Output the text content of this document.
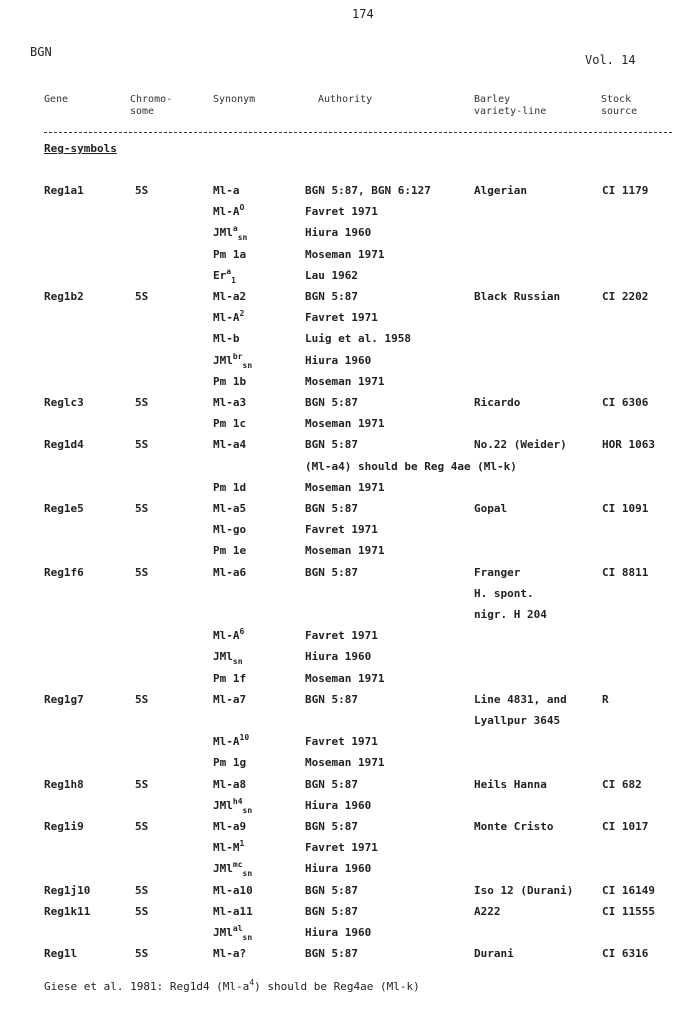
174
BGN
Vol. 14
Gene	Chromo-
some
Synonym	Authority	Barley
variety-line
Stock
source
Reg-symbols
Reg1a1	5S	Ml-a	BGN 5:87, BGN 6:127	Algerian	CI 1179
$Ml-A^O$	Favret 1971
JMl$^a_{sn}$	Hiura 1960
Pm 1a	Moseman 1971
$Er^a_1$	Lau 1962
Reg1b2	5S	Ml-a2	BGN 5:87	Black Russian	CI 2202
$Ml-A^2$	Favret 1971
Ml-b	Luig et al. 1958
JMl$^{br}_{sn}$	Hiura 1960
Pm 1b	Moseman 1971
Reglc3	5S	Ml-a3	BGN 5:87	Ricardo	CI 6306
Pm 1c	Moseman 1971
Reg1d4	5S	Ml-a4	BGN 5:87	No.22 (Weider)	HOR 1063
(Ml-a4) should be Reg 4ae (Ml-k)
Pm 1d	Moseman 1971
Reg1e5	5S	Ml-a5	BGN 5:87	Gopal	CI 1091
Ml-go	Favret 1971
Pm 1e	Moseman 1971
Reg1f6	5S	Ml-a6	BGN 5:87	Franger	CI 8811
H. spont.
nigr. H 204
$Ml-A^6$	Favret 1971
JMl$_{sn}$	Hiura 1960
Pm 1f	Moseman 1971
Reg1g7	5S	Ml-a7	BGN 5:87	Line 4831, and	R
Lyallpur 3645
$Ml-A^{10}$	Favret 1971
Pm 1g	Moseman 1971
Reg1h8	5S	Ml-a8	BGN 5:87	Heils Hanna	CI 682
JMl$^{h4}_{sn}$	Hiura 1960
Reg1i9	5S	Ml-a9	BGN 5:87	Monte Cristo	CI 1017
$Ml-M^1$	Favret 1971
JMl$^{mc}_{sn}$	Hiura 1960
Reg1j10	5S	Ml-a10	BGN 5:87	Iso 12 (Durani)	CI 16149
Reg1k11	5S	Ml-a11	BGN 5:87	A222	CI 11555
JMl$^{al}_{sn}$	Hiura 1960
Reg1l	5S	Ml-a?	BGN 5:87	Durani	CI 6316
Giese et al. 1981: Reg1d4 $(Ml-a^4)$ should be Reg4ae (Ml-k)
